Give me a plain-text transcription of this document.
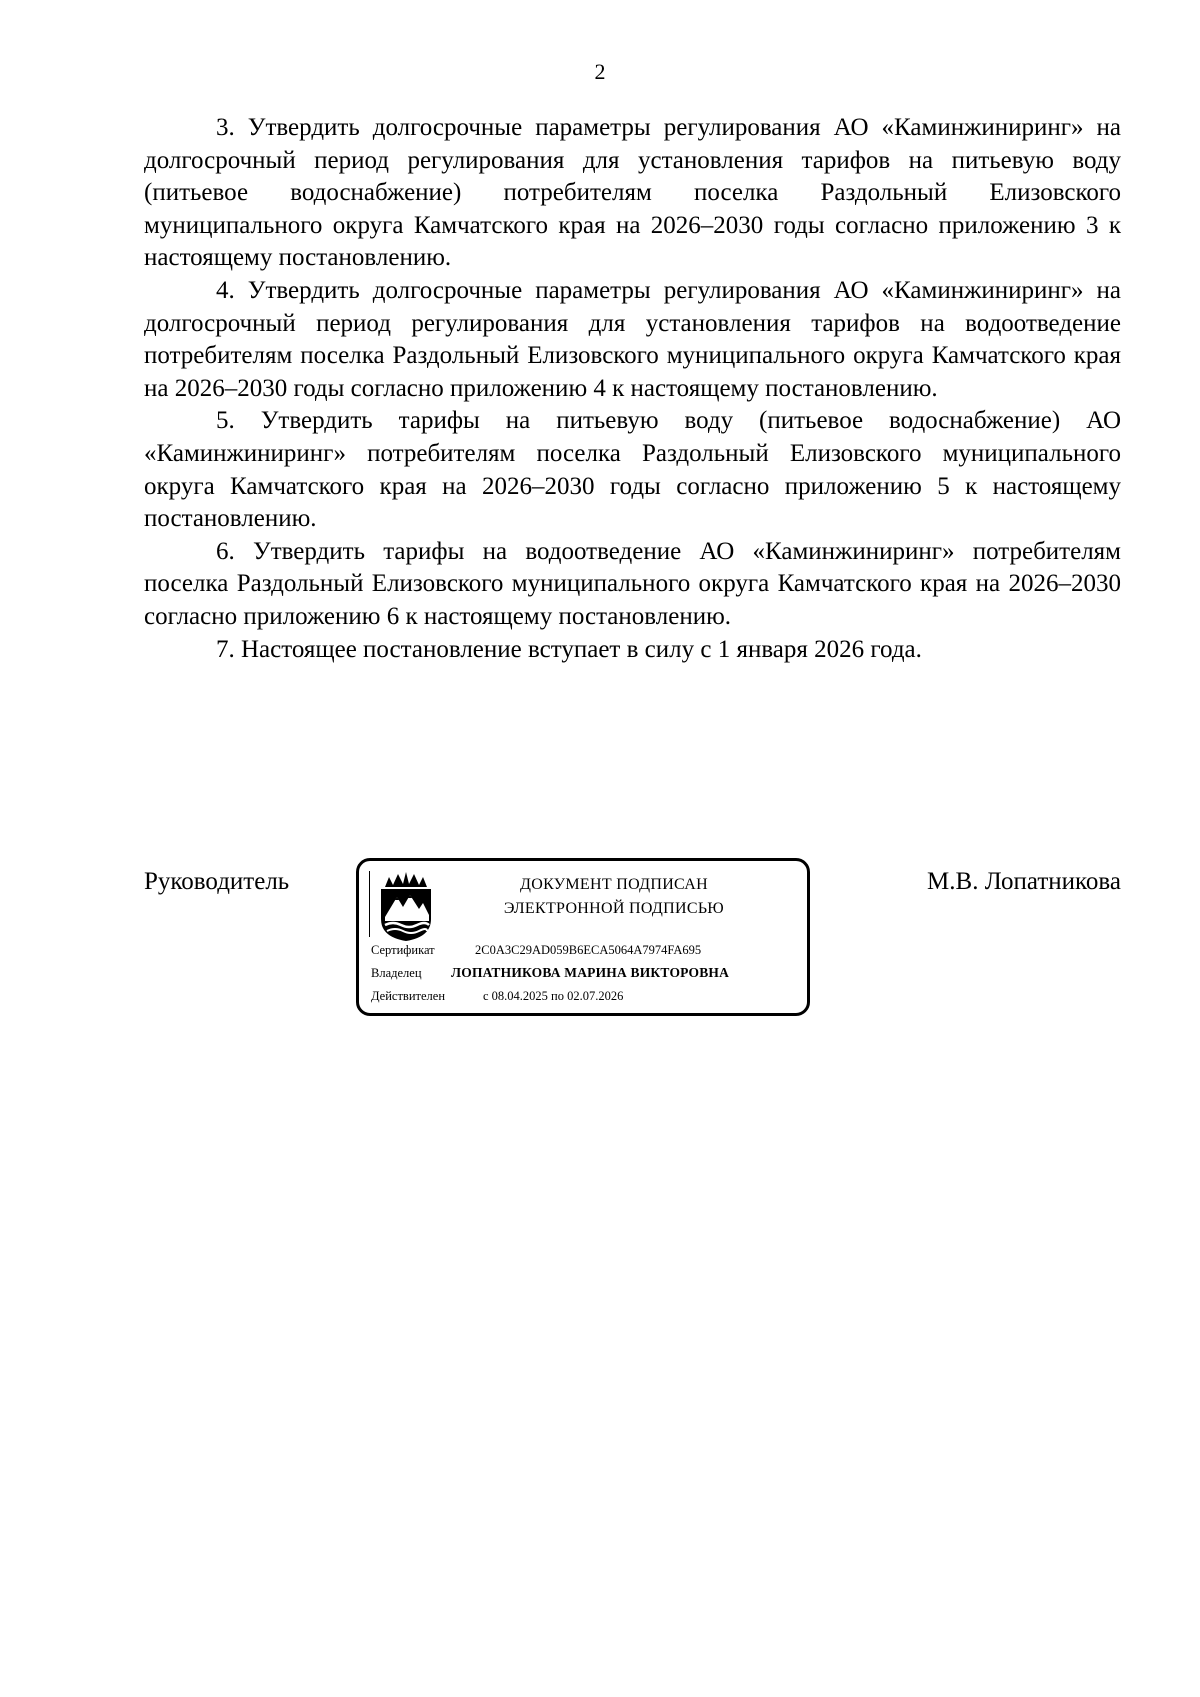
2

3. Утвердить долгосрочные параметры регулирования АО «Каминжиниринг» на долгосрочный период регулирования для установления тарифов на питьевую воду (питьевое водоснабжение) потребителям поселка Раздольный Елизовского муниципального округа Камчатского края на 2026–2030 годы согласно приложению 3 к настоящему постановлению.

4. Утвердить долгосрочные параметры регулирования АО «Каминжиниринг» на долгосрочный период регулирования для установления тарифов на водоотведение потребителям поселка Раздольный Елизовского муниципального округа Камчатского края на 2026–2030 годы согласно приложению 4 к настоящему постановлению.

5. Утвердить тарифы на питьевую воду (питьевое водоснабжение) АО «Каминжиниринг» потребителям поселка Раздольный Елизовского муниципального округа Камчатского края на 2026–2030 годы согласно приложению 5 к настоящему постановлению.

6. Утвердить тарифы на водоотведение АО «Каминжиниринг» потребителям поселка Раздольный Елизовского муниципального округа Камчатского края на 2026–2030 согласно приложению 6 к настоящему постановлению.

7. Настоящее постановление вступает в силу с 1 января 2026 года.

Руководитель	ДОКУМЕНТ ПОДПИСАН
ЭЛЕКТРОННОЙ ПОДПИСЬЮ
Сертификат	2C0A3C29AD059B6ECA5064A7974FA695
Владелец ЛОПАТНИКОВА МАРИНА ВИКТОРОВНА
Действителен	с 08.04.2025 по 02.07.2026
М.В. Лопатникова
